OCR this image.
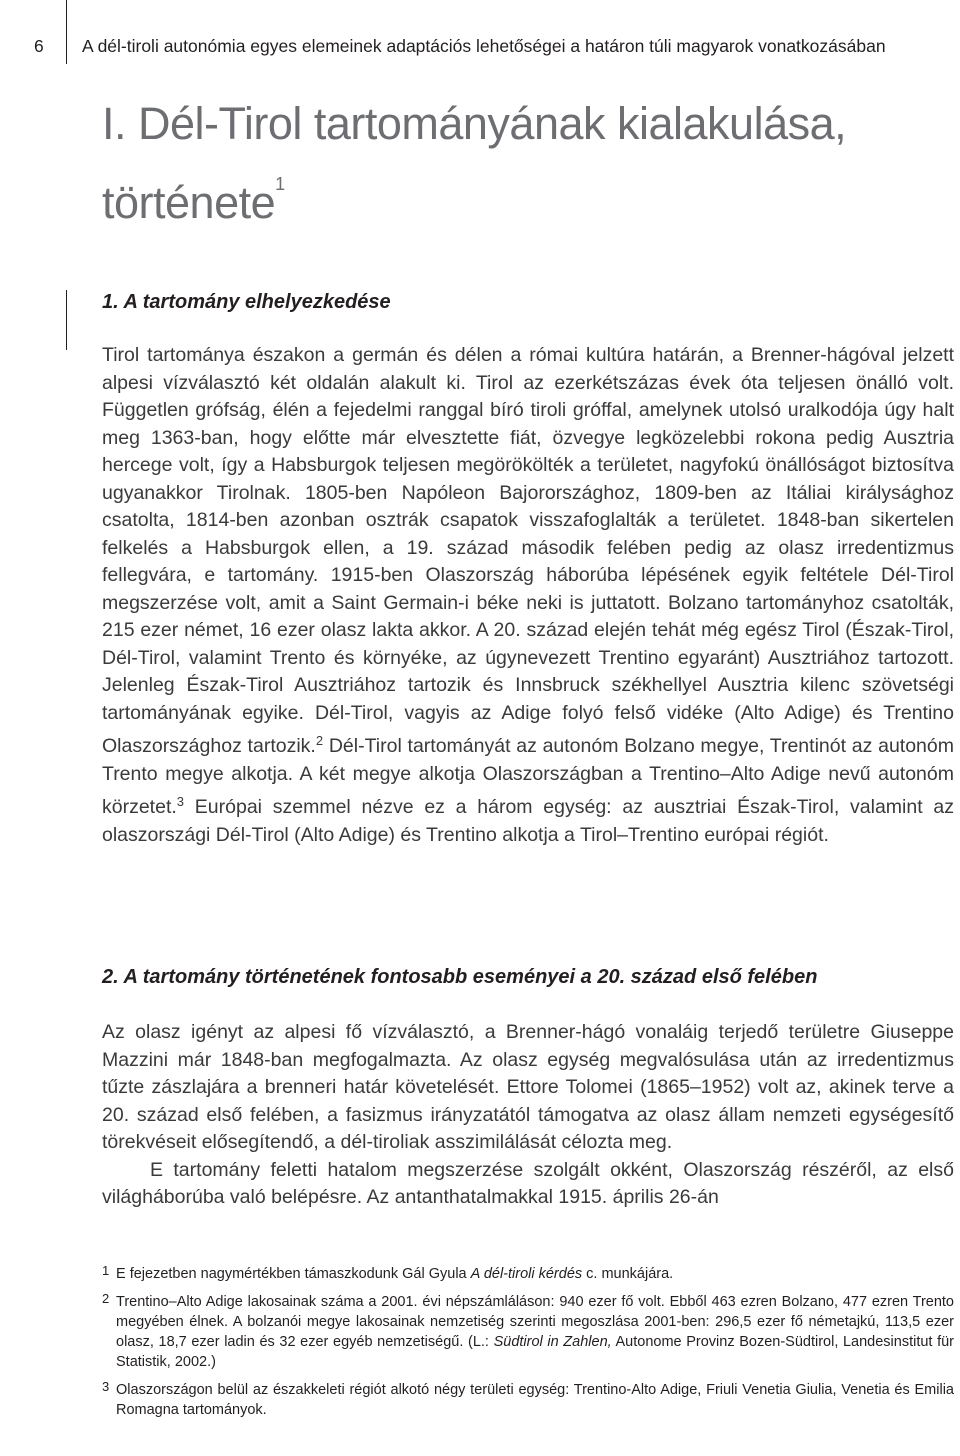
6 A dél-tiroli autonómia egyes elemeinek adaptációs lehetőségei a határon túli magyarok vonatkozásában
I. Dél-Tirol tartományának kialakulása, története$^1$
1. A tartomány elhelyezkedése

Tirol tartománya északon a germán és délen a római kultúra határán, a Brenner-hágóval jelzett alpesi vízválasztó két oldalán alakult ki. Tirol az ezerkétszázas évek óta teljesen önálló volt. Független grófság, élén a fejedelmi ranggal bíró tiroli gróffal, amelynek utolsó uralkodója úgy halt meg 1363-ban, hogy előtte már elvesztette fiát, özvegye legközelebbi rokona pedig Ausztria hercege volt, így a Habsburgok teljesen megörökölték a területet, nagyfokú önállóságot biztosítva ugyanakkor Tirolnak. 1805-ben Napóleon Bajorországhoz, 1809-ben az Itáliai királysághoz csatolta, 1814-ben azonban osztrák csapatok visszafoglalták a területet. 1848-ban sikertelen felkelés a Habsburgok ellen, a 19. század második felében pedig az olasz irredentizmus fellegvára, e tartomány. 1915-ben Olaszország háborúba lépésének egyik feltétele Dél-Tirol megszerzése volt, amit a Saint Germain-i béke neki is juttatott. Bolzano tartományhoz csatolták, 215 ezer német, 16 ezer olasz lakta akkor. A 20. század elején tehát még egész Tirol (Észak-Tirol, Dél-Tirol, valamint Trento és környéke, az úgynevezett Trentino egyaránt) Ausztriához tartozott. Jelenleg Észak-Tirol Ausztriához tartozik és Innsbruck székhellyel Ausztria kilenc szövetségi tartományának egyike. Dél-Tirol, vagyis az Adige folyó felső vidéke (Alto Adige) és Trentino Olaszországhoz tartozik.$^2$ Dél-Tirol tartományát az autonóm Bolzano megye, Trentinót az autonóm Trento megye alkotja. A két megye alkotja Olaszországban a Trentino–Alto Adige nevű autonóm körzetet.$^3$ Európai szemmel nézve ez a három egység: az ausztriai Észak-Tirol, valamint az olaszországi Dél-Tirol (Alto Adige) és Trentino alkotja a Tirol–Trentino európai régiót.

2. A tartomány történetének fontosabb eseményei a 20. század első felében

Az olasz igényt az alpesi fő vízválasztó, a Brenner-hágó vonaláig terjedő területre Giuseppe Mazzini már 1848-ban megfogalmazta. Az olasz egység megvalósulása után az irredentizmus tűzte zászlajára a brenneri határ követelését. Ettore Tolomei (1865–1952) volt az, akinek terve a 20. század első felében, a fasizmus irányzatától támogatva az olasz állam nemzeti egységesítő törekvéseit elősegítendő, a dél-tiroliak asszimilálását célozta meg.

E tartomány feletti hatalom megszerzése szolgált okként, Olaszország részéről, az első világháborúba való belépésre. Az antanthatalmakkal 1915. április 26-án

1 E fejezetben nagymértékben támaszkodunk Gál Gyula A dél-tiroli kérdés c. munkájára.
2 Trentino–Alto Adige lakosainak száma a 2001. évi népszámláláson: 940 ezer fő volt. Ebből 463 ezren Bolzano, 477 ezren Trento megyében élnek. A bolzanói megye lakosainak nemzetiség szerinti megoszlása 2001-ben: 296,5 ezer fő németajkú, 113,5 ezer olasz, 18,7 ezer ladin és 32 ezer egyéb nemzetiségű. (L.: Südtirol in Zahlen, Autonome Provinz Bozen-Südtirol, Landesinstitut für Statistik, 2002.)
3 Olaszországon belül az északkeleti régiót alkotó négy területi egység: Trentino-Alto Adige, Friuli Venetia Giulia, Venetia és Emilia Romagna tartományok.
